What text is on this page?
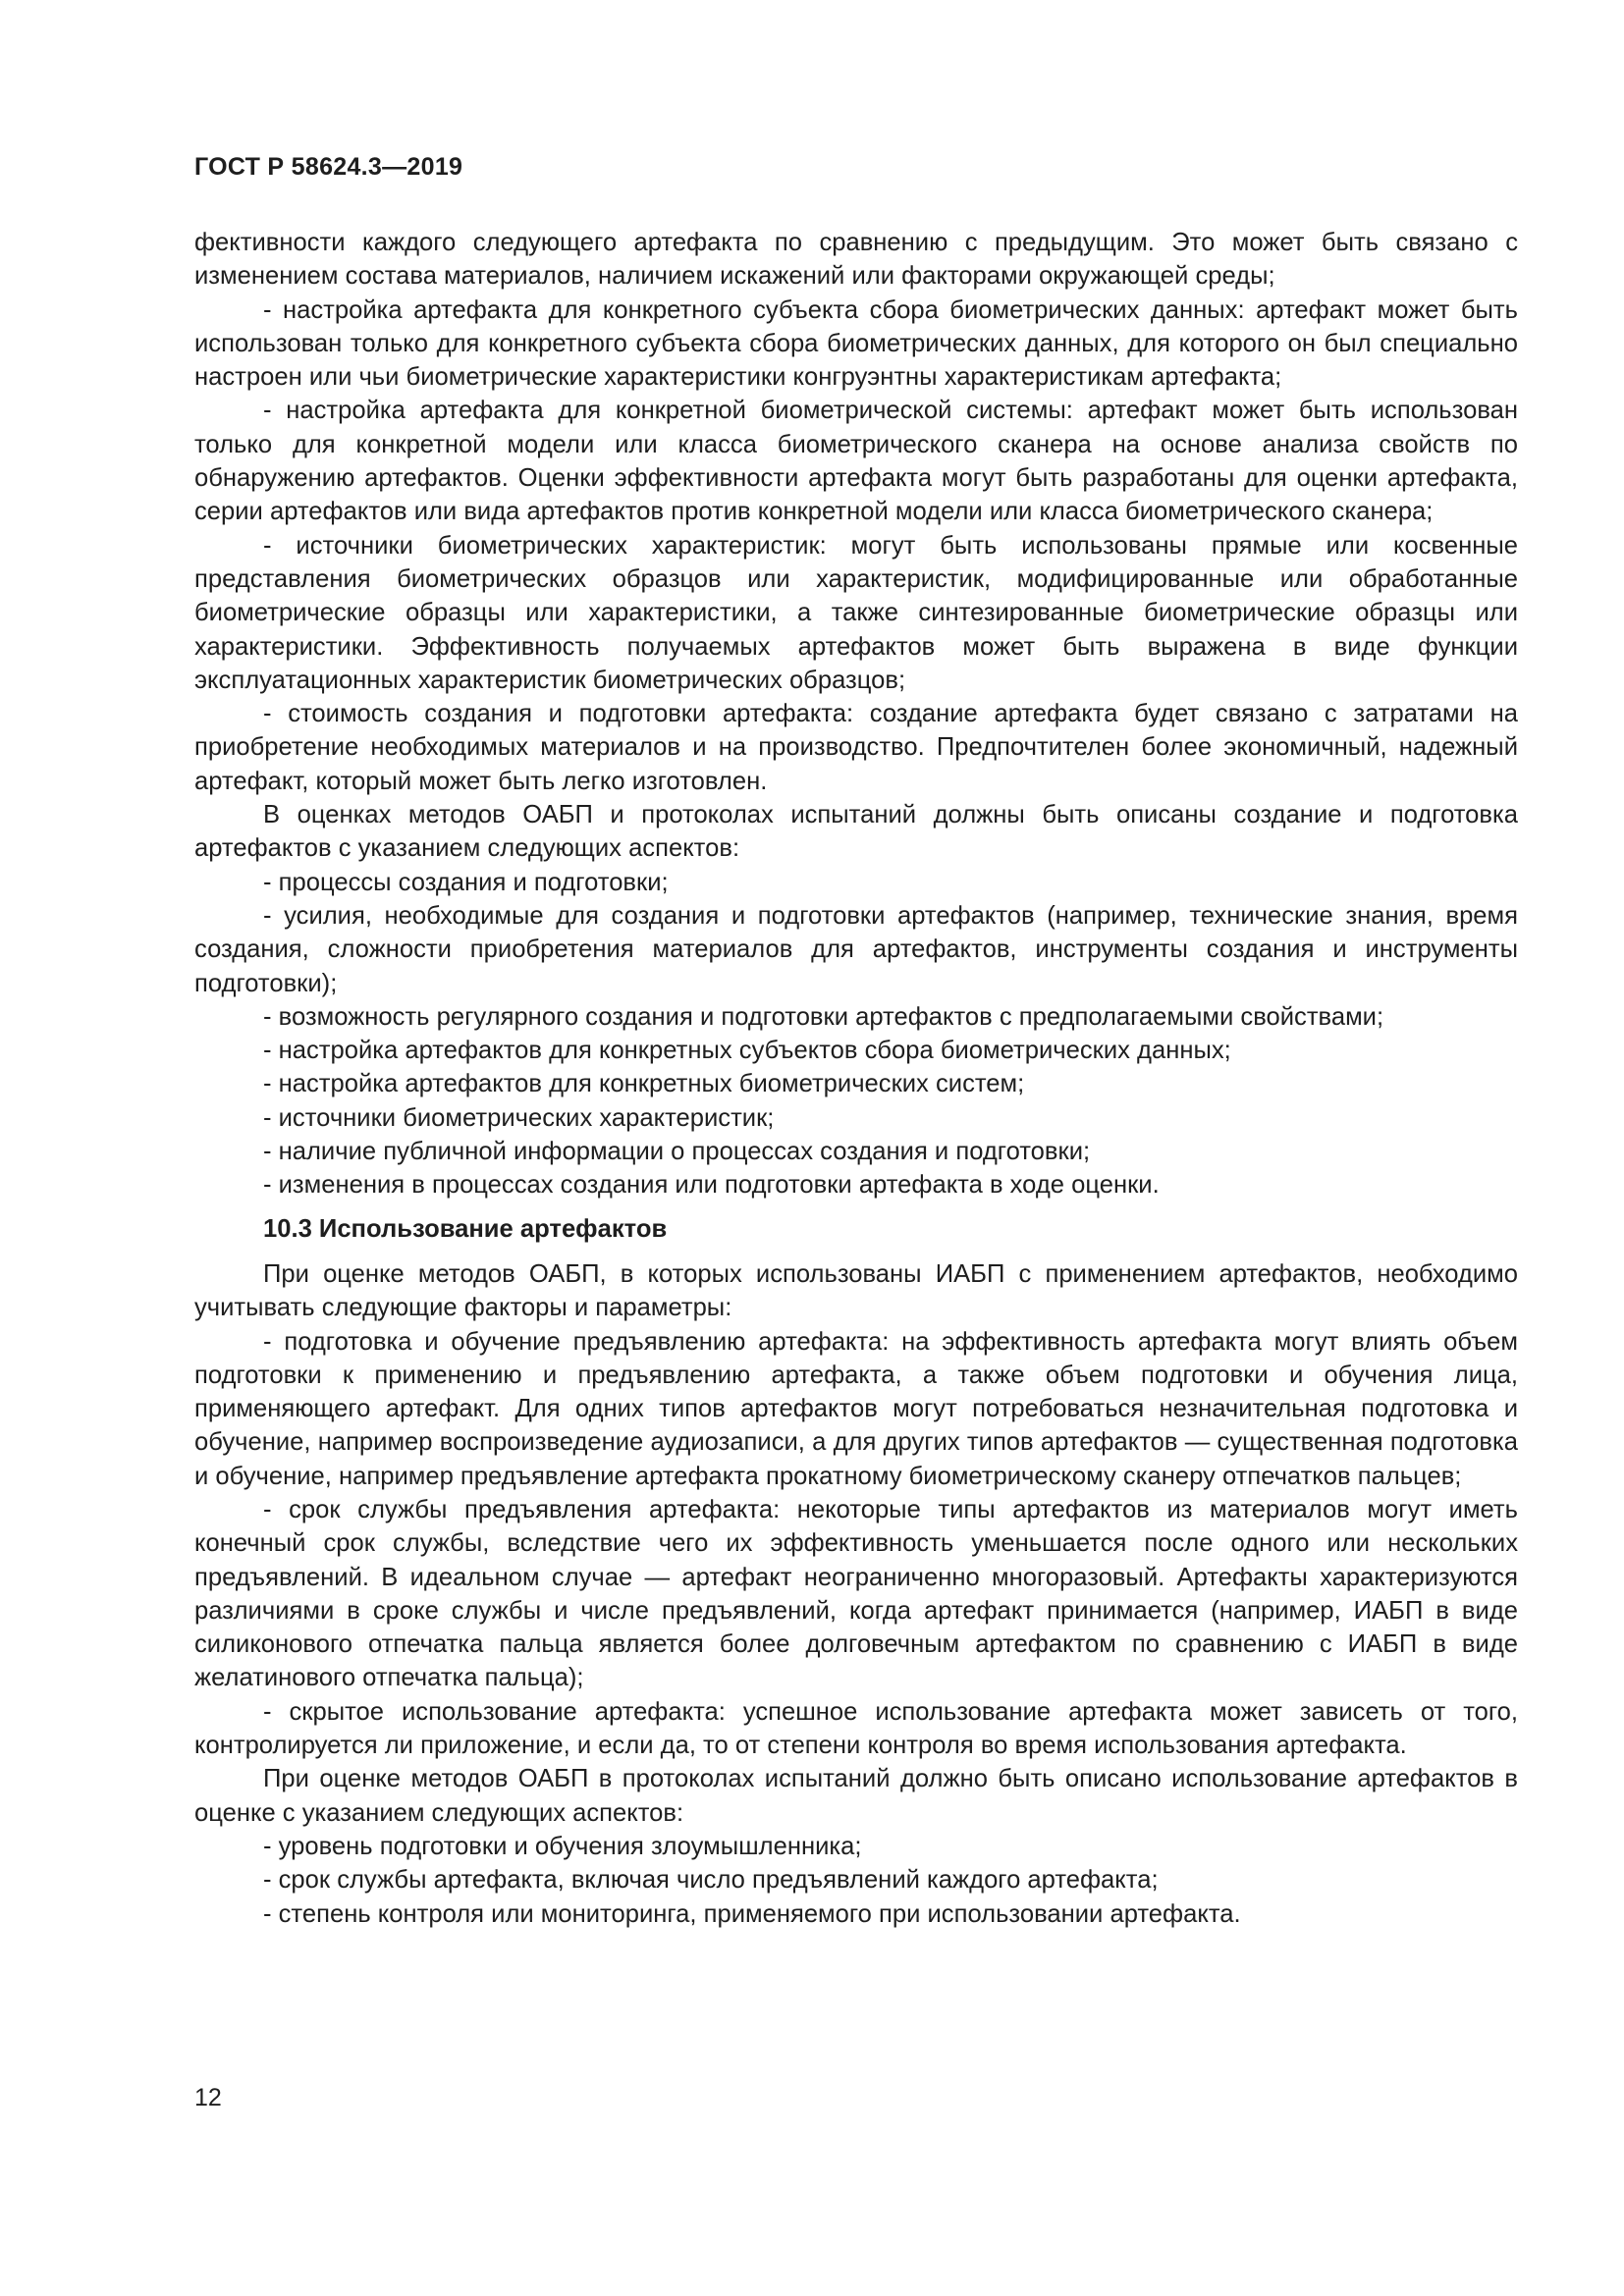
ГОСТ Р 58624.3—2019

фективности каждого следующего артефакта по сравнению с предыдущим. Это может быть связано с изменением состава материалов, наличием искажений или факторами окружающей среды;

- настройка артефакта для конкретного субъекта сбора биометрических данных: артефакт может быть использован только для конкретного субъекта сбора биометрических данных, для которого он был специально настроен или чьи биометрические характеристики конгруэнтны характеристикам артефакта;

- настройка артефакта для конкретной биометрической системы: артефакт может быть использован только для конкретной модели или класса биометрического сканера на основе анализа свойств по обнаружению артефактов. Оценки эффективности артефакта могут быть разработаны для оценки артефакта, серии артефактов или вида артефактов против конкретной модели или класса биометрического сканера;

- источники биометрических характеристик: могут быть использованы прямые или косвенные представления биометрических образцов или характеристик, модифицированные или обработанные биометрические образцы или характеристики, а также синтезированные биометрические образцы или характеристики. Эффективность получаемых артефактов может быть выражена в виде функции эксплуатационных характеристик биометрических образцов;

- стоимость создания и подготовки артефакта: создание артефакта будет связано с затратами на приобретение необходимых материалов и на производство. Предпочтителен более экономичный, надежный артефакт, который может быть легко изготовлен.

В оценках методов ОАБП и протоколах испытаний должны быть описаны создание и подготовка артефактов с указанием следующих аспектов:

- процессы создания и подготовки;

- усилия, необходимые для создания и подготовки артефактов (например, технические знания, время создания, сложности приобретения материалов для артефактов, инструменты создания и инструменты подготовки);

- возможность регулярного создания и подготовки артефактов с предполагаемыми свойствами;

- настройка артефактов для конкретных субъектов сбора биометрических данных;

- настройка артефактов для конкретных биометрических систем;

- источники биометрических характеристик;

- наличие публичной информации о процессах создания и подготовки;

- изменения в процессах создания или подготовки артефакта в ходе оценки.

10.3 Использование артефактов

При оценке методов ОАБП, в которых использованы ИАБП с применением артефактов, необходимо учитывать следующие факторы и параметры:

- подготовка и обучение предъявлению артефакта: на эффективность артефакта могут влиять объем подготовки к применению и предъявлению артефакта, а также объем подготовки и обучения лица, применяющего артефакт. Для одних типов артефактов могут потребоваться незначительная подготовка и обучение, например воспроизведение аудиозаписи, а для других типов артефактов — существенная подготовка и обучение, например предъявление артефакта прокатному биометрическому сканеру отпечатков пальцев;

- срок службы предъявления артефакта: некоторые типы артефактов из материалов могут иметь конечный срок службы, вследствие чего их эффективность уменьшается после одного или нескольких предъявлений. В идеальном случае — артефакт неограниченно многоразовый. Артефакты характеризуются различиями в сроке службы и числе предъявлений, когда артефакт принимается (например, ИАБП в виде силиконового отпечатка пальца является более долговечным артефактом по сравнению с ИАБП в виде желатинового отпечатка пальца);

- скрытое использование артефакта: успешное использование артефакта может зависеть от того, контролируется ли приложение, и если да, то от степени контроля во время использования артефакта.

При оценке методов ОАБП в протоколах испытаний должно быть описано использование артефактов в оценке с указанием следующих аспектов:

- уровень подготовки и обучения злоумышленника;

- срок службы артефакта, включая число предъявлений каждого артефакта;

- степень контроля или мониторинга, применяемого при использовании артефакта.

12
